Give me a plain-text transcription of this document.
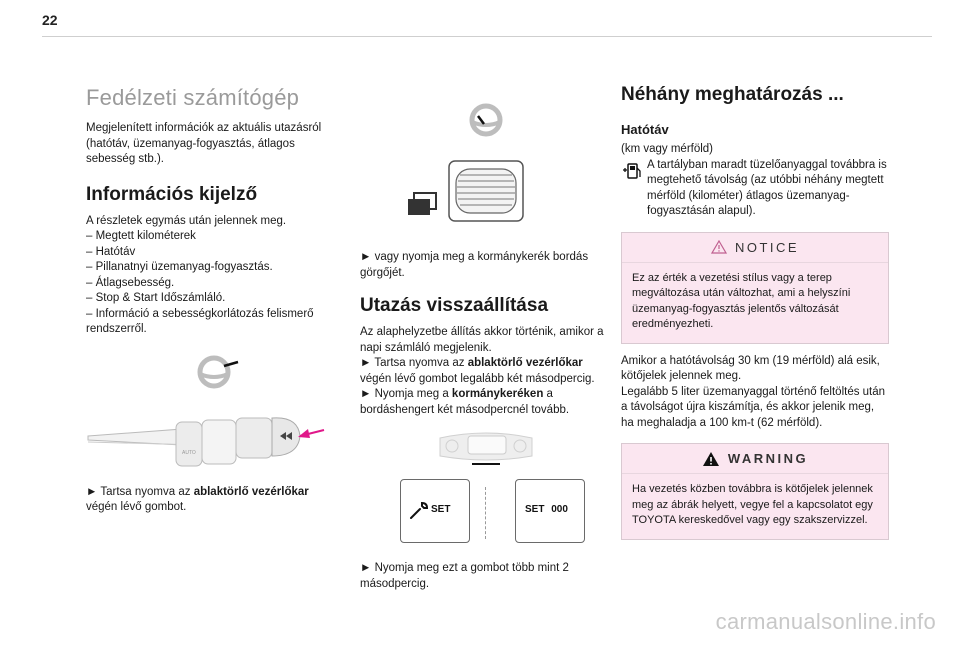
22
Fedélzeti számítógép

Megjelenített információk az aktuális utazásról (hatótáv, üzemanyag-fogyasztás, átlagos sebesség stb.).

Információs kijelző
A részletek egymás után jelennek meg.
– Megtett kilométerek
– Hatótáv
– Pillanatnyi üzemanyag-fogyasztás.
– Átlagsebesség.
– Stop & Start Időszámláló.
– Információ a sebességkorlátozás felismerő rendszerről.
AUTO

► Tartsa nyomva az ablaktörlő vezérlőkar végén lévő gombot.

► vagy nyomja meg a kormánykerék bordás görgőjét.

Utazás visszaállítása

Az alaphelyzetbe állítás akkor történik, amikor a napi számláló megjelenik.

► Tartsa nyomva az ablaktörlő vezérlőkar végén lévő gombot legalább két másodpercig.

► Nyomja meg a kormánykeréken a bordáshengert két másodpercnél tovább.

SET	SET 000

► Nyomja meg ezt a gombot több mint 2 másodpercig.

Néhány meghatározás ...
Hatótáv

(km vagy mérföld)

A tartályban maradt tüzelőanyaggal továbbra is megtehető távolság (az utóbbi néhány megtett mérföld (kilométer) átlagos üzemanyag-fogyasztásán alapul).

NOTICE
Ez az érték a vezetési stílus vagy a terep megváltozása után változhat, ami a helyszíni üzemanyag-fogyasztás jelentős változását eredményezheti.

Amikor a hatótávolság 30 km (19 mérföld) alá esik, kötőjelek jelennek meg.

Legalább 5 liter üzemanyaggal történő feltöltés után a távolságot újra kiszámítja, és akkor jelenik meg, ha meghaladja a 100 km-t (62 mérföld).

WARNING
Ha vezetés közben továbbra is kötőjelek jelennek meg az ábrák helyett, vegye fel a kapcsolatot egy TOYOTA kereskedővel vagy egy szakszervizzel.
carmanualsonline.info
